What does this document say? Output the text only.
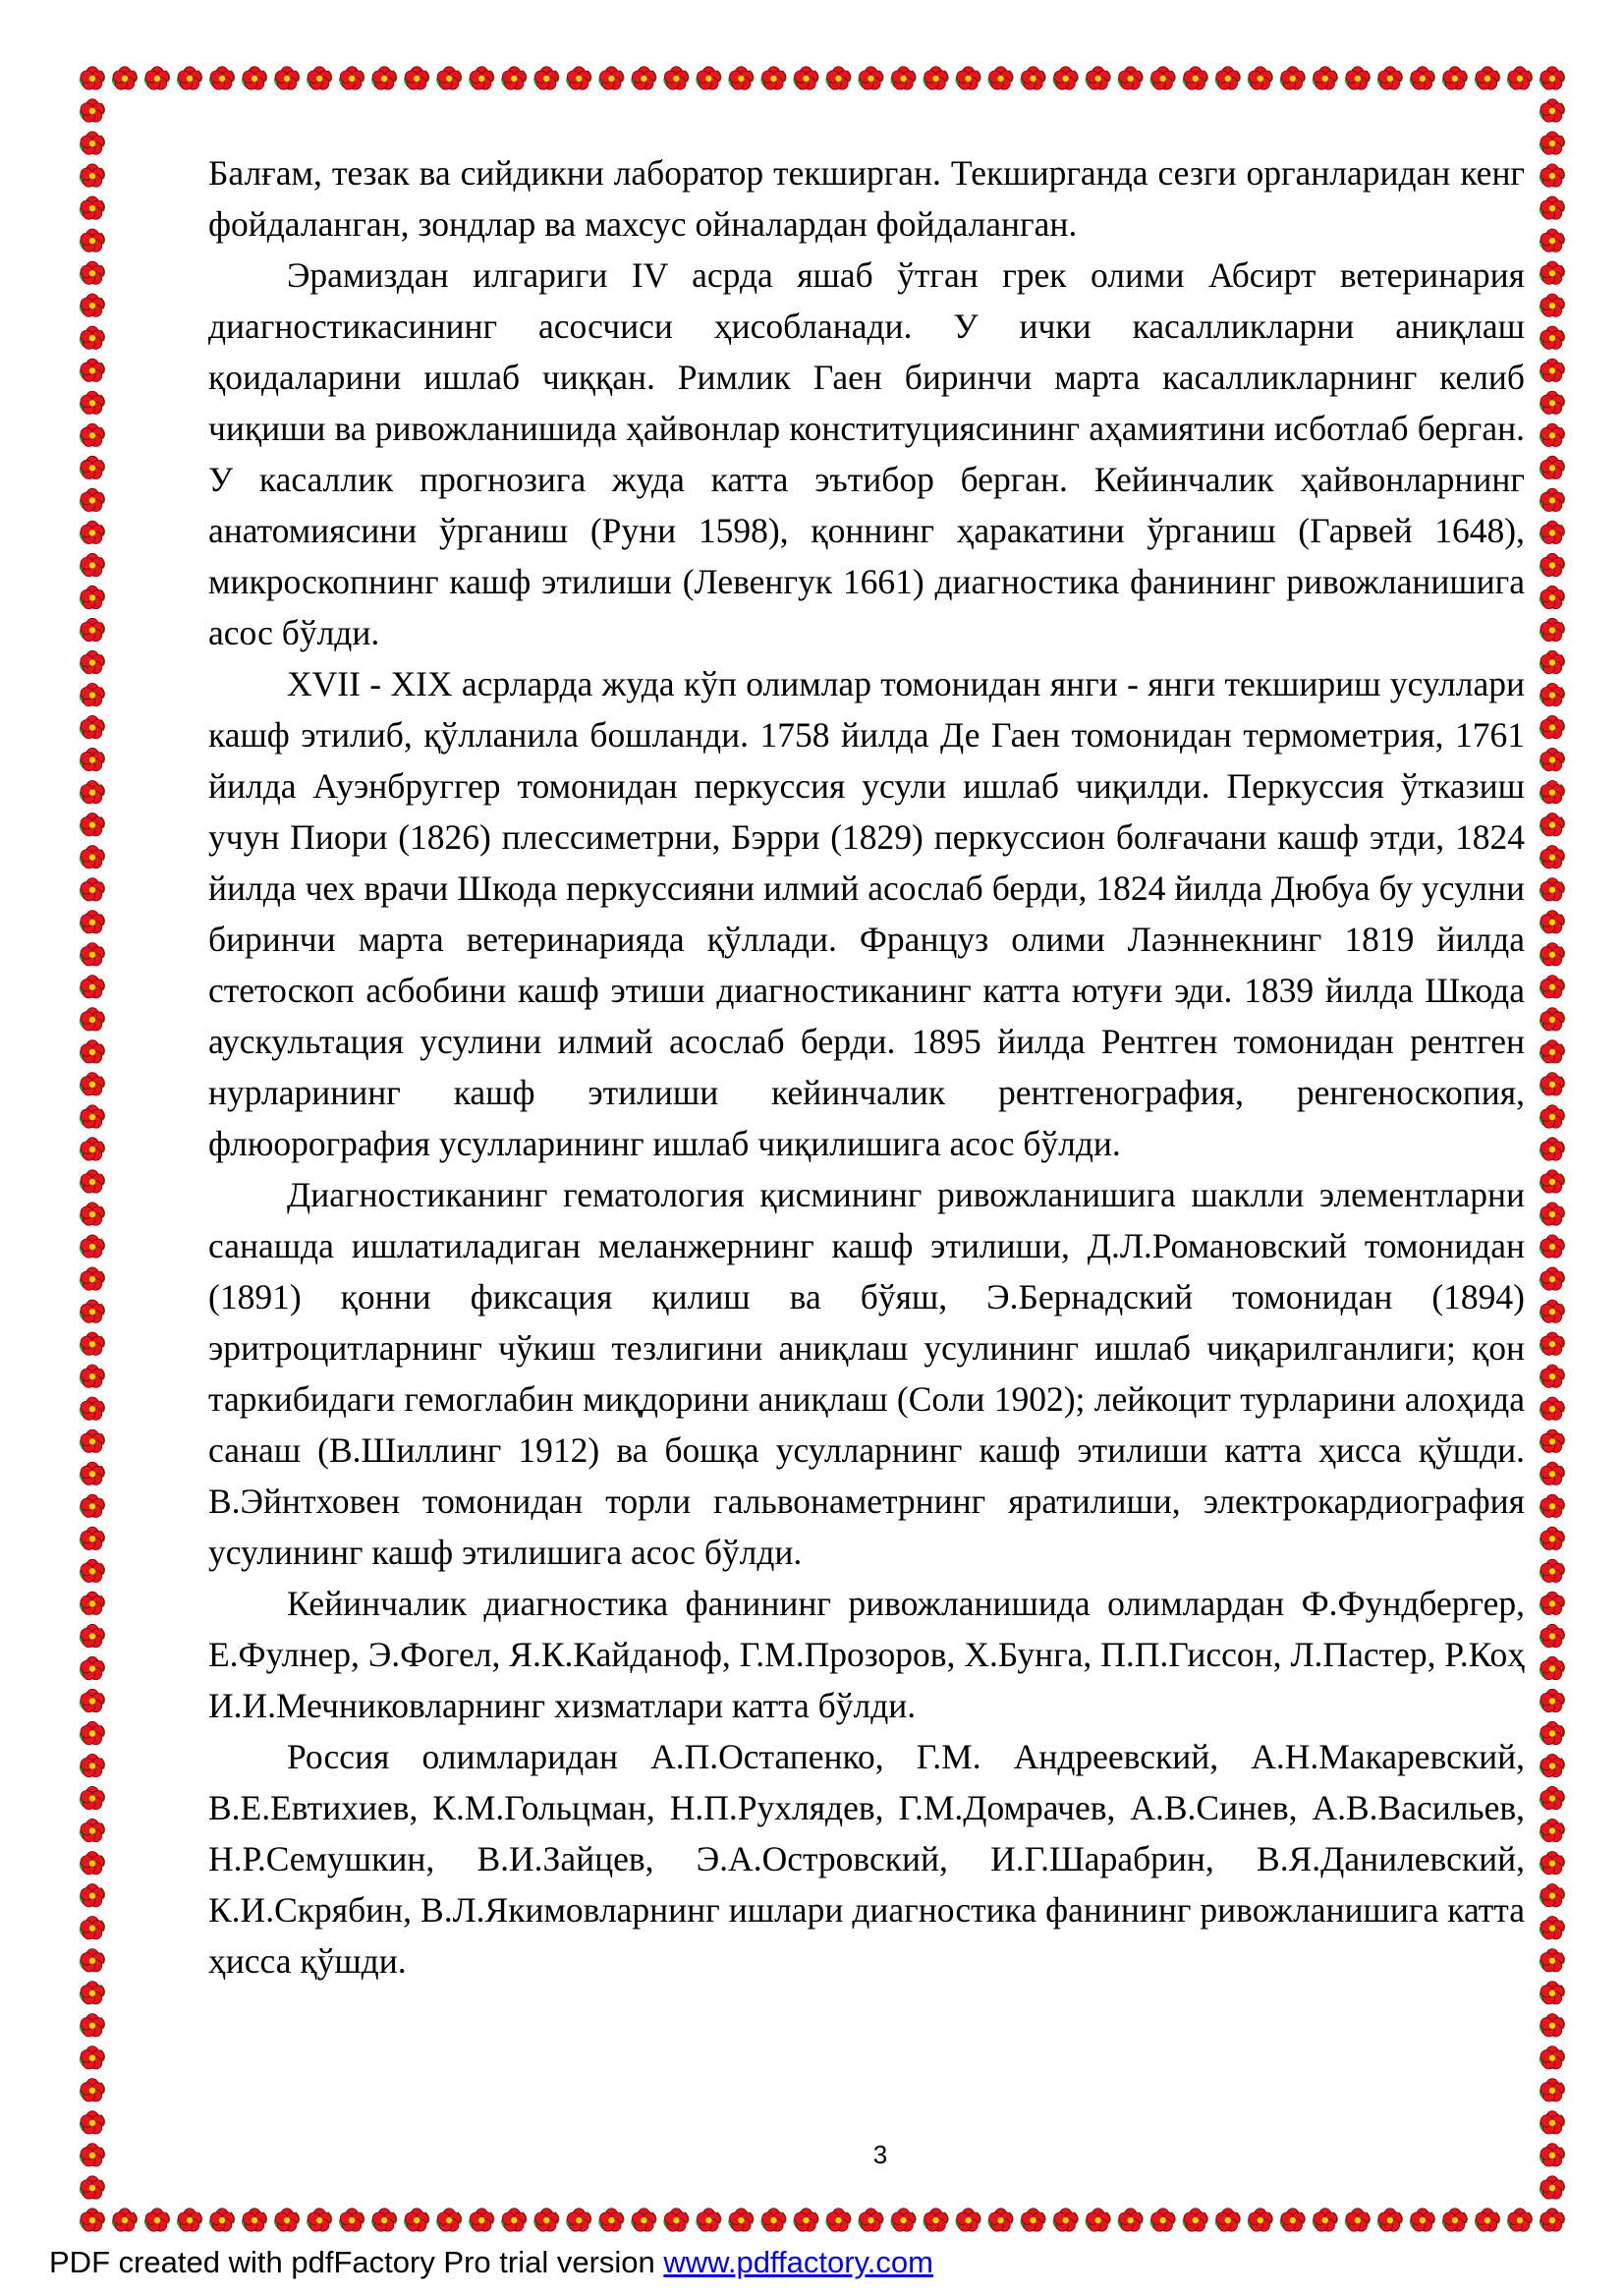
Балғам, тезак ва сийдикни лаборатор текширган. Текширганда сезги органларидан кенг фойдаланган, зондлар ва махсус ойналардан фойдаланган.

Эрамиздан илгариги IV асрда яшаб ўтган грек олими Абсирт ветеринария диагностикасининг асосчиси ҳисобланади. У ички касалликларни аниқлаш қоидаларини ишлаб чиққан. Римлик Гаен биринчи марта касалликларнинг келиб чиқиши ва ривожланишида ҳайвонлар конституциясининг аҳамиятини исботлаб берган. У касаллик прогнозига жуда катта эътибор берган. Кейинчалик ҳайвонларнинг анатомиясини ўрганиш (Руни 1598), қоннинг ҳаракатини ўрганиш (Гарвей 1648), микроскопнинг кашф этилиши (Левенгук 1661) диагностика фанининг ривожланишига асос бўлди.

XVII - XIX асрларда жуда кўп олимлар томонидан янги - янги текшириш усуллари кашф этилиб, қўлланила бошланди. 1758 йилда Де Гаен томонидан термометрия, 1761 йилда Ауэнбруггер томонидан перкуссия усули ишлаб чиқилди. Перкуссия ўтказиш учун Пиори (1826) плессиметрни, Бэрри (1829) перкуссион болғачани кашф этди, 1824 йилда чех врачи Шкода перкуссияни илмий асослаб берди, 1824 йилда Дюбуа бу усулни биринчи марта ветеринарияда қўллади. Француз олими Лаэннекнинг 1819 йилда стетоскоп асбобини кашф этиши диагностиканинг катта ютуғи эди. 1839 йилда Шкода аускультация усулини илмий асослаб берди. 1895 йилда Рентген томонидан рентген нурларининг кашф этилиши кейинчалик рентгенография, ренгеноскопия, флюорография усулларининг ишлаб чиқилишига асос бўлди.

Диагностиканинг гематология қисмининг ривожланишига шаклли элементларни санашда ишлатиладиган меланжернинг кашф этилиши, Д.Л.Романовский томонидан (1891) қонни фиксация қилиш ва бўяш, Э.Бернадский томонидан (1894) эритроцитларнинг чўкиш тезлигини аниқлаш усулининг ишлаб чиқарилганлиги; қон таркибидаги гемоглабин миқдорини аниқлаш (Соли 1902); лейкоцит турларини алоҳида санаш (В.Шиллинг 1912) ва бошқа усулларнинг кашф этилиши катта ҳисса қўшди. В.Эйнтховен томонидан торли гальвонаметрнинг яратилиши, электрокардиография усулининг кашф этилишига асос бўлди.

Кейинчалик диагностика фанининг ривожланишида олимлардан Ф.Фундбергер, Е.Фулнер, Э.Фогел, Я.К.Кайданоф, Г.М.Прозоров, Х.Бунга, П.П.Гиссон, Л.Пастер, Р.Коҳ И.И.Мечниковларнинг хизматлари катта бўлди.

Россия олимларидан А.П.Остапенко, Г.М. Андреевский, А.Н.Макаревский, В.Е.Евтихиев, К.М.Гольцман, Н.П.Рухлядев, Г.М.Домрачев, А.В.Синев, А.В.Васильев, Н.Р.Семушкин, В.И.Зайцев, Э.А.Островский, И.Г.Шарабрин, В.Я.Данилевский, К.И.Скрябин, В.Л.Якимовларнинг ишлари диагностика фанининг ривожланишига катта ҳисса қўшди.

3
PDF created with pdfFactory Pro trial version www.pdffactory.com
